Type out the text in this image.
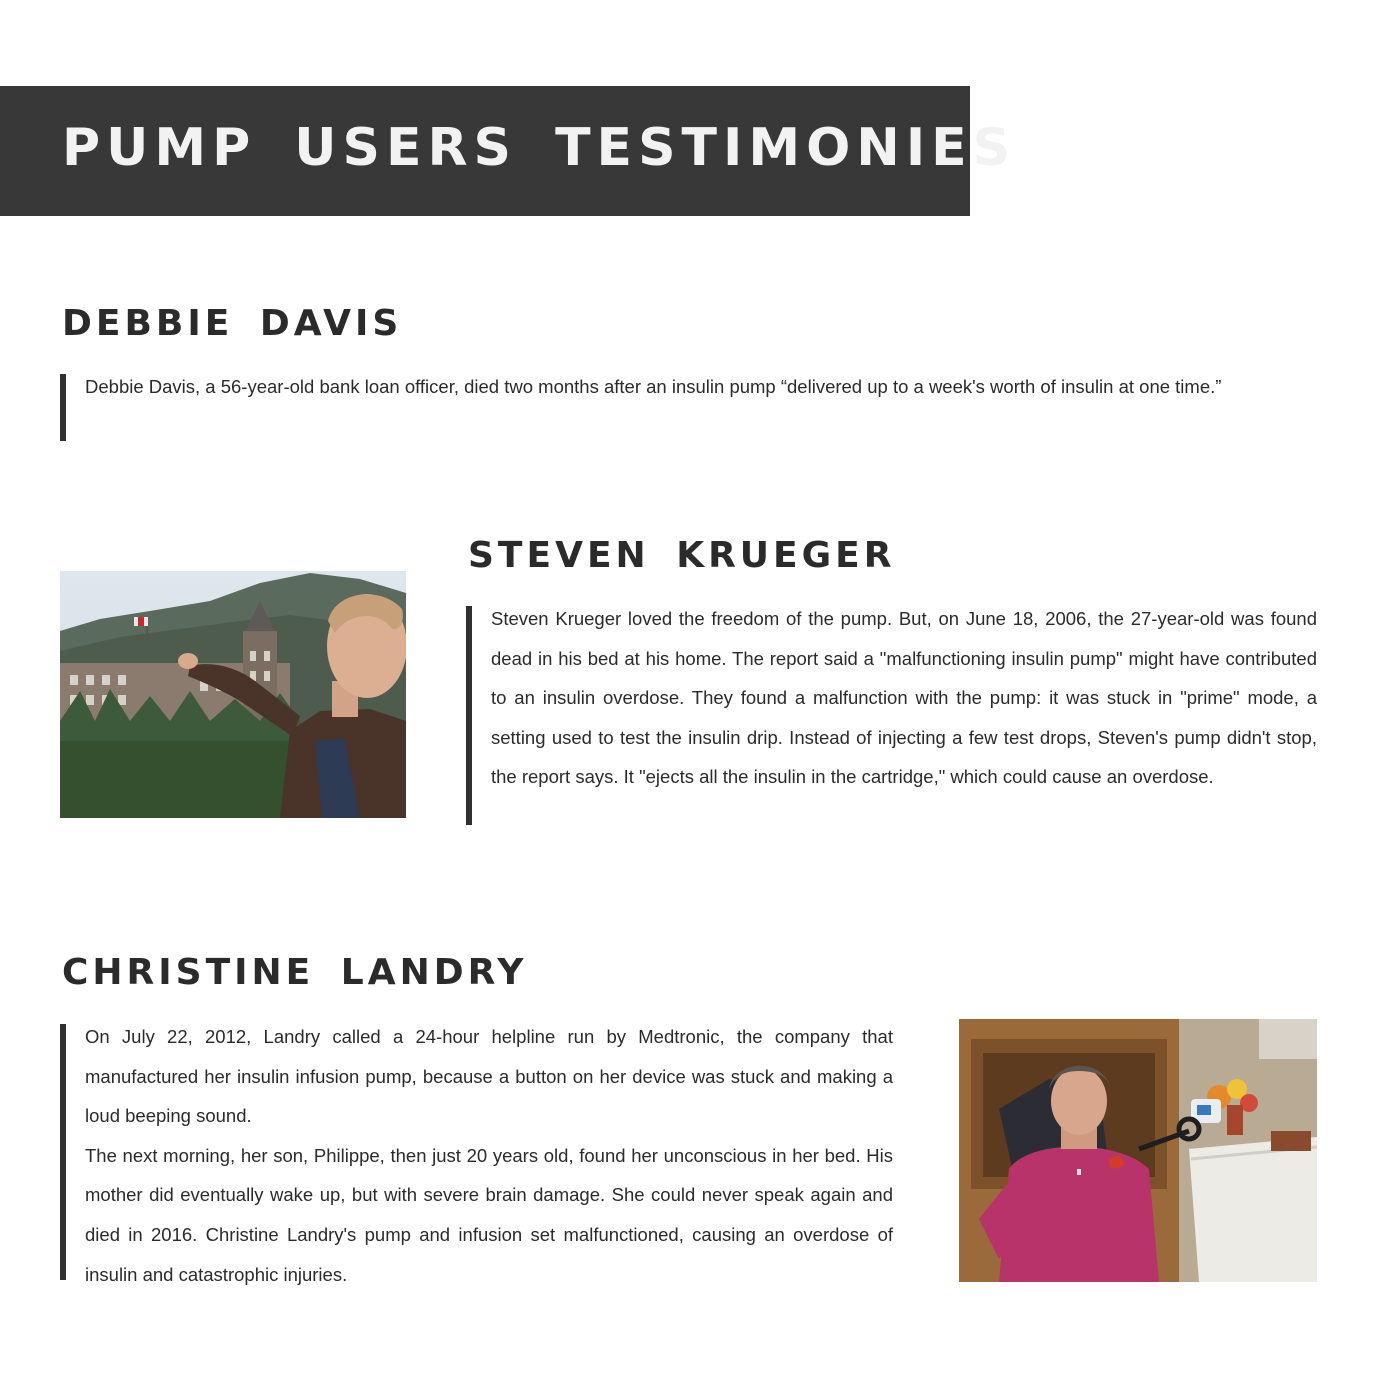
PUMP USERS TESTIMONIES
DEBBIE DAVIS

Debbie Davis, a 56-year-old bank loan officer, died two months after an insulin pump “delivered up to a week's worth of insulin at one time.”

STEVEN KRUEGER

Steven Krueger loved the freedom of the pump. But, on June 18, 2006, the 27-year-old was found dead in his bed at his home. The report said a "malfunctioning insulin pump" might have contributed to an insulin overdose. They found a malfunction with the pump: it was stuck in "prime" mode, a setting used to test the insulin drip. Instead of injecting a few test drops, Steven's pump didn't stop, the report says. It "ejects all the insulin in the cartridge," which could cause an overdose.

CHRISTINE LANDRY

On July 22, 2012, Landry called a 24-hour helpline run by Medtronic, the company that manufactured her insulin infusion pump, because a button on her device was stuck and making a loud beeping sound.

The next morning, her son, Philippe, then just 20 years old, found her unconscious in her bed. His mother did eventually wake up, but with severe brain damage. She could never speak again and died in 2016. Christine Landry's pump and infusion set malfunctioned, causing an overdose of insulin and catastrophic injuries.
